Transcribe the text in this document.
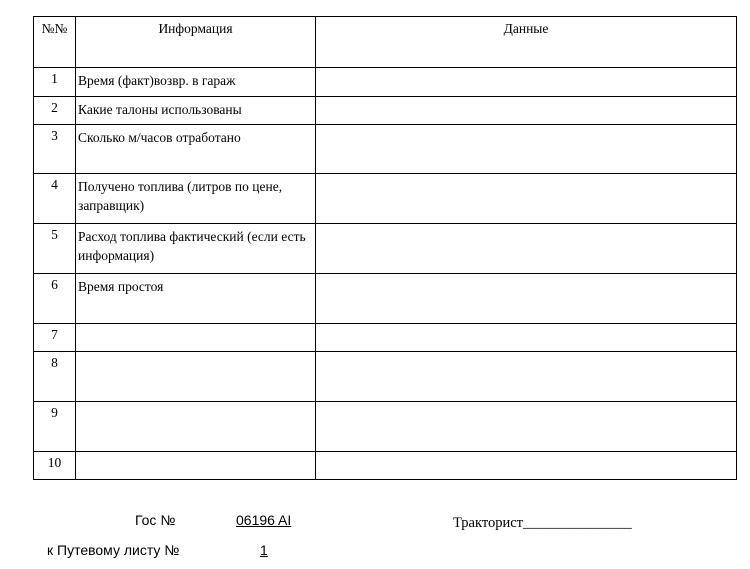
№№	Информация	Данные
1	Время (факт)возвр. в гараж	
2	Какие талоны использованы	
3	Сколько м/часов отработано	
4	Получено топлива (литров по цене, заправщик)	
5	Расход топлива фактический (если есть информация)	
6	Время простоя	
7		
8		
9		
10		
Гос №	06196 AI
к Путевому листу №	1
Тракторист_______________
